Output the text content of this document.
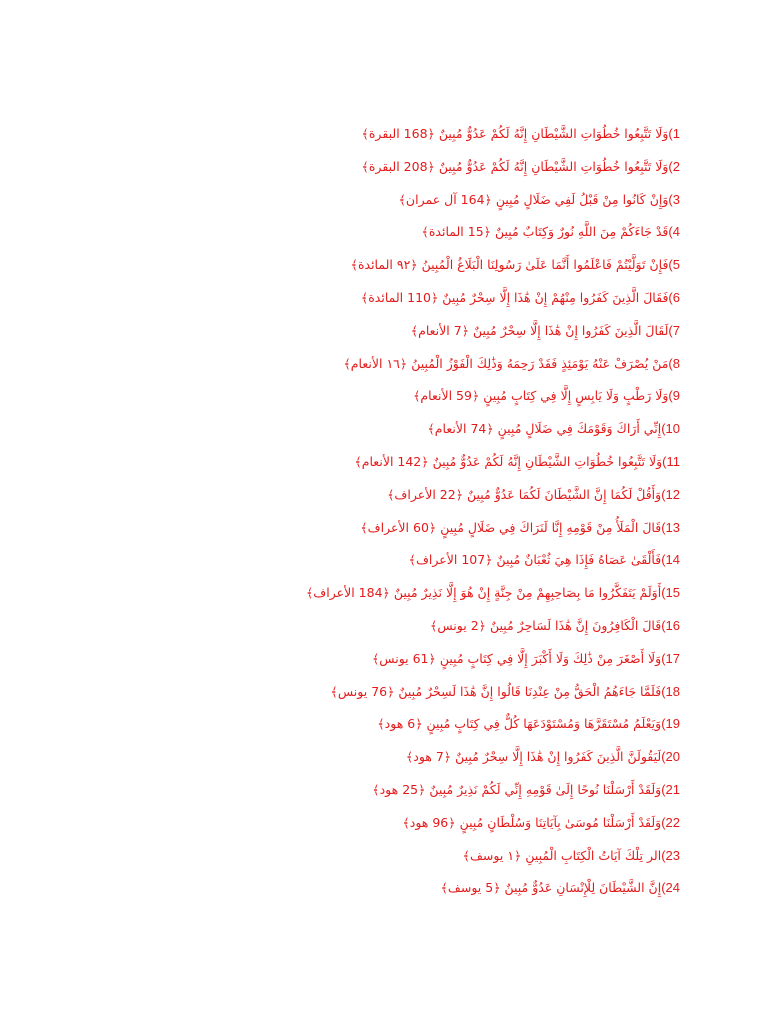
1)وَلَا تَتَّبِعُوا خُطُوَاتِ الشَّيْطَانِ إِنَّهُ لَكُمْ عَدُوٌّ مُبِينٌ ﴿168 البقرة﴾
2)وَلَا تَتَّبِعُوا خُطُوَاتِ الشَّيْطَانِ إِنَّهُ لَكُمْ عَدُوٌّ مُبِينٌ ﴿208 البقرة﴾
3)وَإِنْ كَانُوا مِنْ قَبْلُ لَفِي ضَلَالٍ مُبِينٍ ﴿164 آل عمران﴾
4)قَدْ جَاءَكُمْ مِنَ اللَّهِ نُورٌ وَكِتَابٌ مُبِينٌ ﴿15 المائدة﴾
5)فَإِنْ تَوَلَّيْتُمْ فَاعْلَمُوا أَنَّمَا عَلَىٰ رَسُولِنَا الْبَلَاغُ الْمُبِينُ ﴿٩٢ المائدة﴾
6)فَقَالَ الَّذِينَ كَفَرُوا مِنْهُمْ إِنْ هَٰذَا إِلَّا سِحْرٌ مُبِينٌ ﴿110 المائدة﴾
7)لَقَالَ الَّذِينَ كَفَرُوا إِنْ هَٰذَا إِلَّا سِحْرٌ مُبِينٌ ﴿7 الأنعام﴾
8)مَنْ يُصْرَفْ عَنْهُ يَوْمَئِذٍ فَقَدْ رَحِمَهُ وَذَٰلِكَ الْفَوْزُ الْمُبِينُ ﴿١٦ الأنعام﴾
9)وَلَا رَطْبٍ وَلَا يَابِسٍ إِلَّا فِي كِتَابٍ مُبِينٍ ﴿59 الأنعام﴾
10)إِنِّي أَرَاكَ وَقَوْمَكَ فِي ضَلَالٍ مُبِينٍ ﴿74 الأنعام﴾
11)وَلَا تَتَّبِعُوا خُطُوَاتِ الشَّيْطَانِ إِنَّهُ لَكُمْ عَدُوٌّ مُبِينٌ ﴿142 الأنعام﴾
12)وَأَقُلْ لَكُمَا إِنَّ الشَّيْطَانَ لَكُمَا عَدُوٌّ مُبِينٌ ﴿22 الأعراف﴾
13)قَالَ الْمَلَأُ مِنْ قَوْمِهِ إِنَّا لَنَرَاكَ فِي ضَلَالٍ مُبِينٍ ﴿60 الأعراف﴾
14)فَأَلْقَىٰ عَصَاهُ فَإِذَا هِيَ ثُعْبَانٌ مُبِينٌ ﴿107 الأعراف﴾
15)أَوَلَمْ يَتَفَكَّرُوا مَا بِصَاحِبِهِمْ مِنْ جِنَّةٍ إِنْ هُوَ إِلَّا نَذِيرٌ مُبِينٌ ﴿184 الأعراف﴾
16)قَالَ الْكَافِرُونَ إِنَّ هَٰذَا لَسَاحِرٌ مُبِينٌ ﴿2 يونس﴾
17)وَلَا أَصْغَرَ مِنْ ذَٰلِكَ وَلَا أَكْبَرَ إِلَّا فِي كِتَابٍ مُبِينٍ ﴿61 يونس﴾
18)فَلَمَّا جَاءَهُمُ الْحَقُّ مِنْ عِنْدِنَا قَالُوا إِنَّ هَٰذَا لَسِحْرٌ مُبِينٌ ﴿76 يونس﴾
19)وَيَعْلَمُ مُسْتَقَرَّهَا وَمُسْتَوْدَعَهَا كُلٌّ فِي كِتَابٍ مُبِينٍ ﴿6 هود﴾
20)لَيَقُولَنَّ الَّذِينَ كَفَرُوا إِنْ هَٰذَا إِلَّا سِحْرٌ مُبِينٌ ﴿7 هود﴾
21)وَلَقَدْ أَرْسَلْنَا نُوحًا إِلَىٰ قَوْمِهِ إِنِّي لَكُمْ نَذِيرٌ مُبِينٌ ﴿25 هود﴾
22)وَلَقَدْ أَرْسَلْنَا مُوسَىٰ بِآيَاتِنَا وَسُلْطَانٍ مُبِينٍ ﴿96 هود﴾
23)الر تِلْكَ آيَاتُ الْكِتَابِ الْمُبِينِ ﴿١ يوسف﴾
24)إِنَّ الشَّيْطَانَ لِلْإِنْسَانِ عَدُوٌّ مُبِينٌ ﴿5 يوسف﴾
